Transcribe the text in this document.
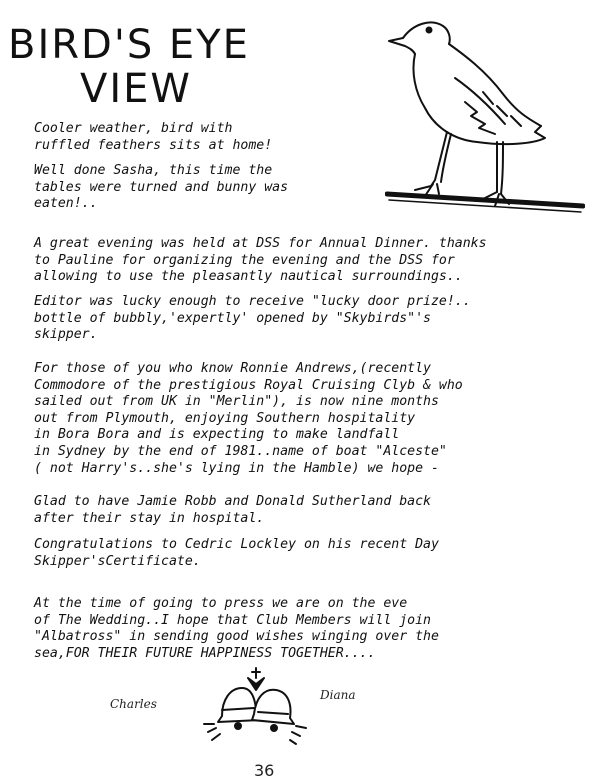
BIRD'S EYE
VIEW

Cooler weather, bird with
ruffled feathers sits at home!

Well done Sasha, this time the
tables were turned and bunny was
eaten!..

A great evening was held at DSS for Annual Dinner. thanks
to Pauline for organizing the evening and the DSS for
allowing to use the pleasantly nautical surroundings..

Editor was lucky enough to receive "lucky door prize!..
bottle of bubbly,'expertly' opened by "Skybirds"'s
skipper.

For those of you who know Ronnie Andrews,(recently
Commodore of the prestigious Royal Cruising Clyb & who
sailed out from UK in "Merlin"), is now nine months
out from Plymouth, enjoying Southern hospitality
in Bora Bora and is expecting to make landfall
in Sydney by the end of 1981..name of boat "Alceste"
( not Harry's..she's lying in the Hamble) we hope -

Glad to have Jamie Robb and Donald Sutherland back
after their stay in hospital.

Congratulations to Cedric Lockley on his recent Day
Skipper'sCertificate.

At the time of going to press we are on the eve
of The Wedding..I hope that Club Members will join
"Albatross" in sending good wishes winging over the
sea,FOR THEIR FUTURE HAPPINESS TOGETHER....

Charles
Diana
36
